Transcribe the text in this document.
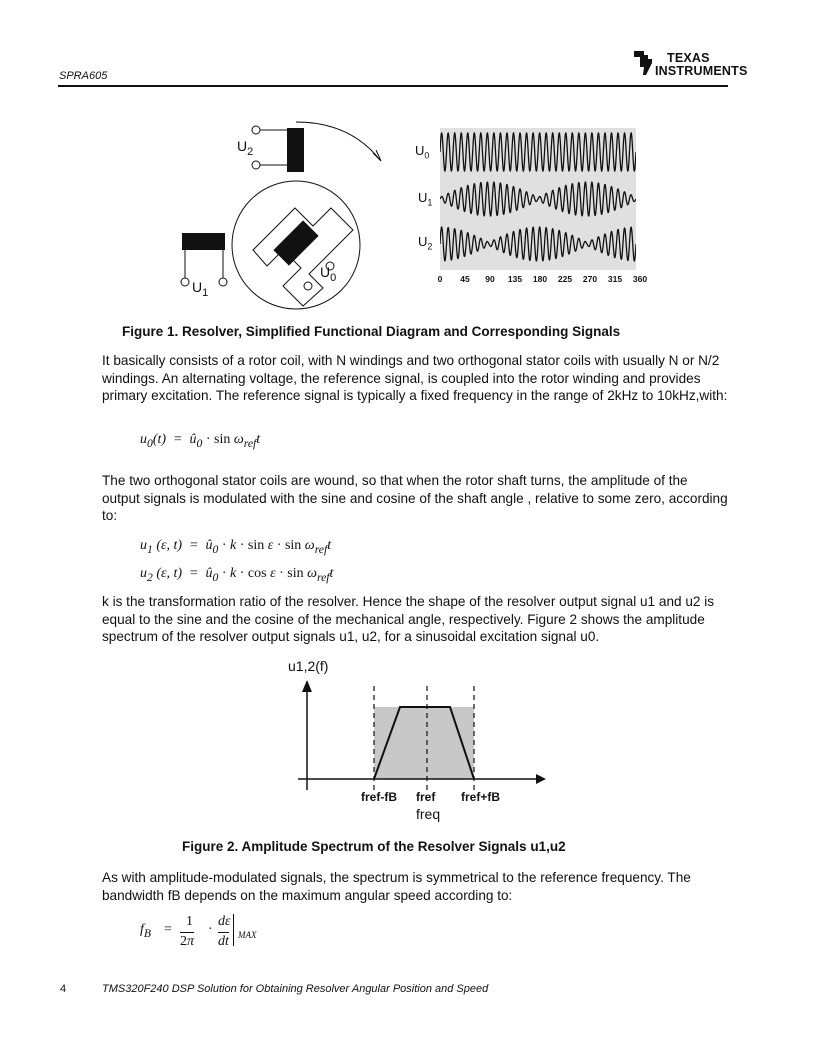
SPRA605
TEXAS
INSTRUMENTS
$U_2$
$U_1$
$U_0$
$U_0$
$U_1$
$U_2$
0 45 90 135 180 225 270 315 360
Figure 1. Resolver, Simplified Functional Diagram and Corresponding Signals

It basically consists of a rotor coil, with N windings and two orthogonal stator coils with usually N or N/2 windings. An alternating voltage, the reference signal, is coupled into the rotor winding and provides primary excitation. The reference signal is typically a fixed frequency in the range of 2kHz to 10kHz,with:

$u_0(t)$  =  $û_0 \cdot \sin \omega_{ref}t$

The two orthogonal stator coils are wound, so that when the rotor shaft turns, the amplitude of the output signals is modulated with the sine and cosine of the shaft angle , relative to some zero, according to:

$u_1$ (ε, $t) = û_0 \cdot k \cdot \sin \varepsilon \cdot \sin \omega_{ref}t$
$u_2$ (ε, $t) = û_0 \cdot k \cdot \cos \varepsilon \cdot \sin \omega_{ref}t$

k is the transformation ratio of the resolver. Hence the shape of the resolver output signal u1 and u2 is equal to the sine and the cosine of the mechanical angle, respectively. Figure 2 shows the amplitude spectrum of the resolver output signals u1, u2, for a sinusoidal excitation signal u0.

u1,2(f)
fref-fB fref fref+fB
freq
Figure 2. Amplitude Spectrum of the Resolver Signals u1,u2

As with amplitude-modulated signals, the spectrum is symmetrical to the reference frequency. The bandwidth fB depends on the maximum angular speed according to:

$f_B$ =
1
2π
·
dε
dt MAX
4	TMS320F240 DSP Solution for Obtaining Resolver Angular Position and Speed
